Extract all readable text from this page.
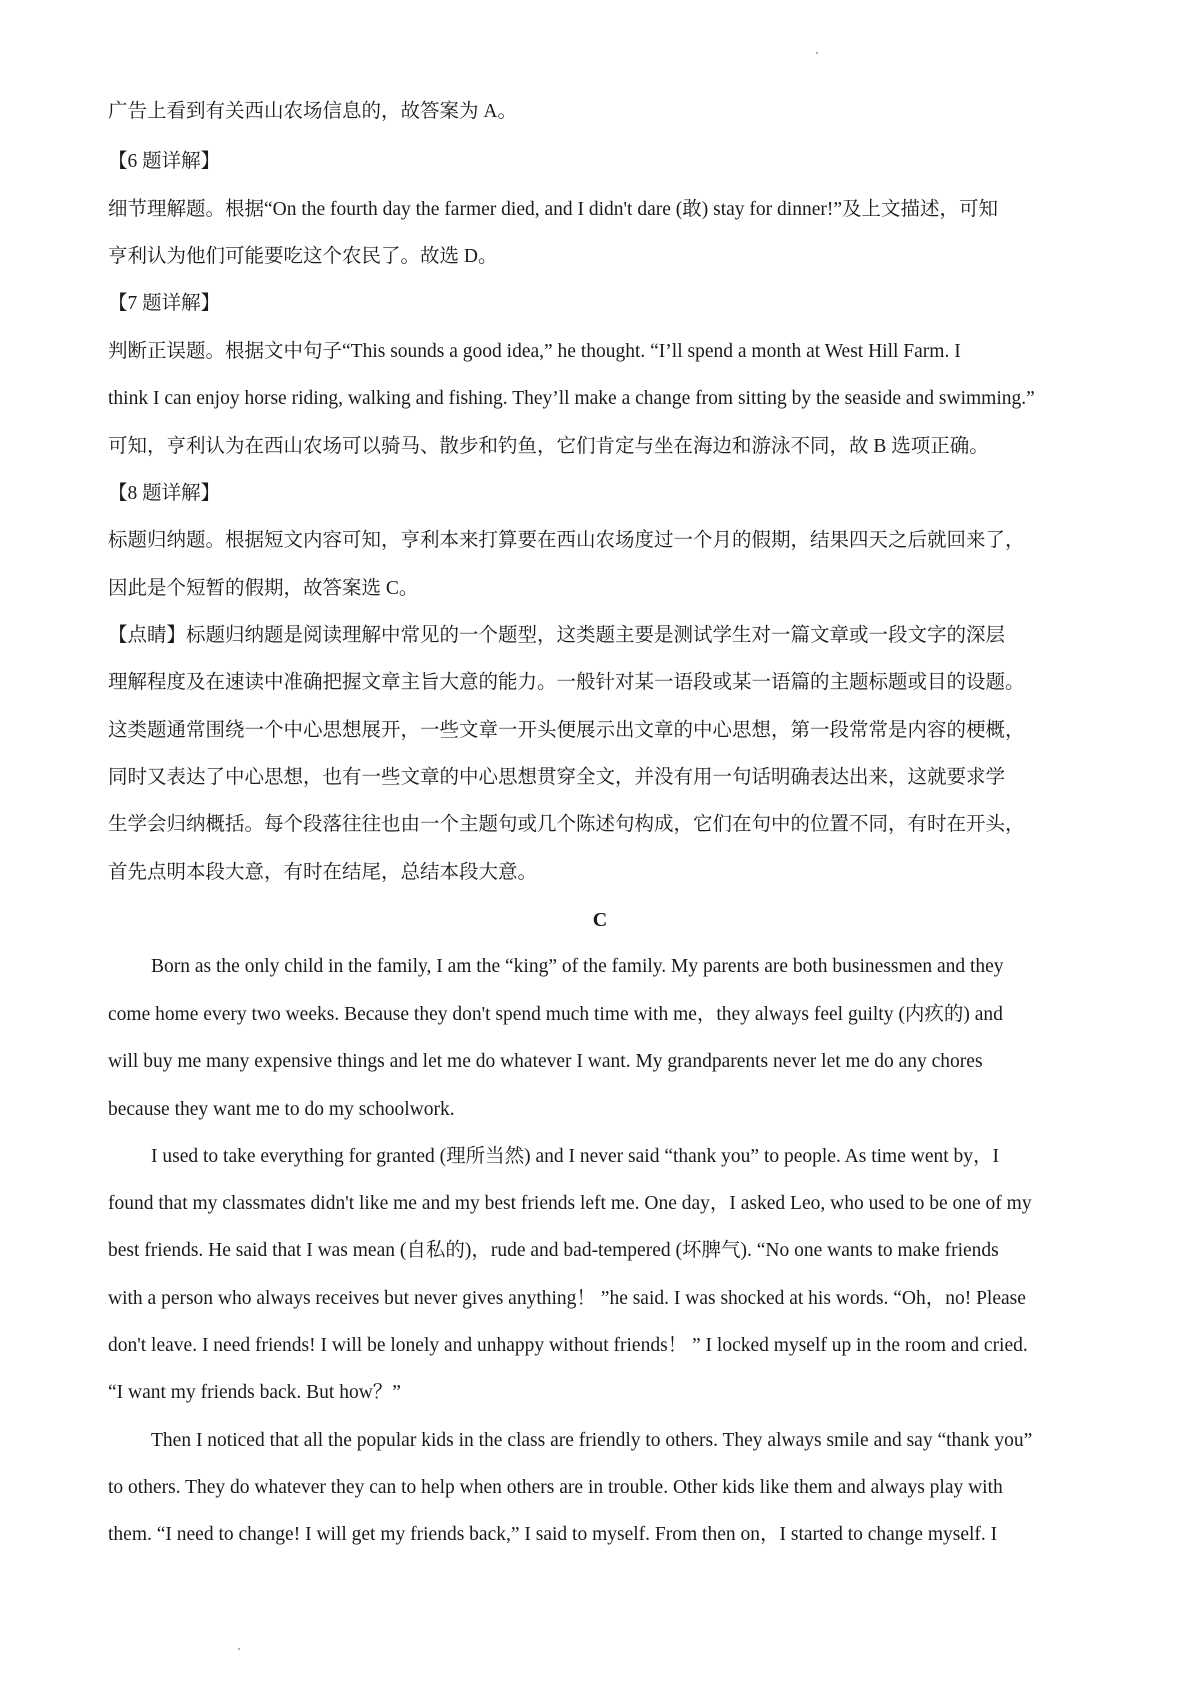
广告上看到有关西山农场信息的，故答案为 A。
【6 题详解】
细节理解题。根据“On the fourth day the farmer died, and I didn't dare (敢) stay for dinner!”及上文描述，可知
亨利认为他们可能要吃这个农民了。故选 D。
【7 题详解】
判断正误题。根据文中句子“This sounds a good idea,” he thought. “I’ll spend a month at West Hill Farm. I
think I can enjoy horse riding, walking and fishing. They’ll make a change from sitting by the seaside and swimming.”
可知，亨利认为在西山农场可以骑马、散步和钓鱼，它们肯定与坐在海边和游泳不同，故 B 选项正确。
【8 题详解】
标题归纳题。根据短文内容可知，亨利本来打算要在西山农场度过一个月的假期，结果四天之后就回来了，
因此是个短暂的假期，故答案选 C。
【点睛】标题归纳题是阅读理解中常见的一个题型，这类题主要是测试学生对一篇文章或一段文字的深层
理解程度及在速读中准确把握文章主旨大意的能力。一般针对某一语段或某一语篇的主题标题或目的设题。
这类题通常围绕一个中心思想展开，一些文章一开头便展示出文章的中心思想，第一段常常是内容的梗概，
同时又表达了中心思想，也有一些文章的中心思想贯穿全文，并没有用一句话明确表达出来，这就要求学
生学会归纳概括。每个段落往往也由一个主题句或几个陈述句构成，它们在句中的位置不同，有时在开头，
首先点明本段大意，有时在结尾，总结本段大意。
C
Born as the only child in the family, I am the “king” of the family. My parents are both businessmen and they
come home every two weeks. Because they don't spend much time with me，they always feel guilty (内疚的) and
will buy me many expensive things and let me do whatever I want. My grandparents never let me do any chores
because they want me to do my schoolwork.
I used to take everything for granted (理所当然) and I never said “thank you” to people. As time went by，I
found that my classmates didn't like me and my best friends left me. One day，I asked Leo, who used to be one of my
best friends. He said that I was mean (自私的)，rude and bad-tempered (坏脾气). “No one wants to make friends
with a person who always receives but never gives anything！ ”he said. I was shocked at his words. “Oh，no! Please
don't leave. I need friends! I will be lonely and unhappy without friends！ ” I locked myself up in the room and cried.
“I want my friends back. But how？”
Then I noticed that all the popular kids in the class are friendly to others. They always smile and say “thank you”
to others. They do whatever they can to help when others are in trouble. Other kids like them and always play with
them. “I need to change! I will get my friends back,” I said to myself. From then on，I started to change myself. I
